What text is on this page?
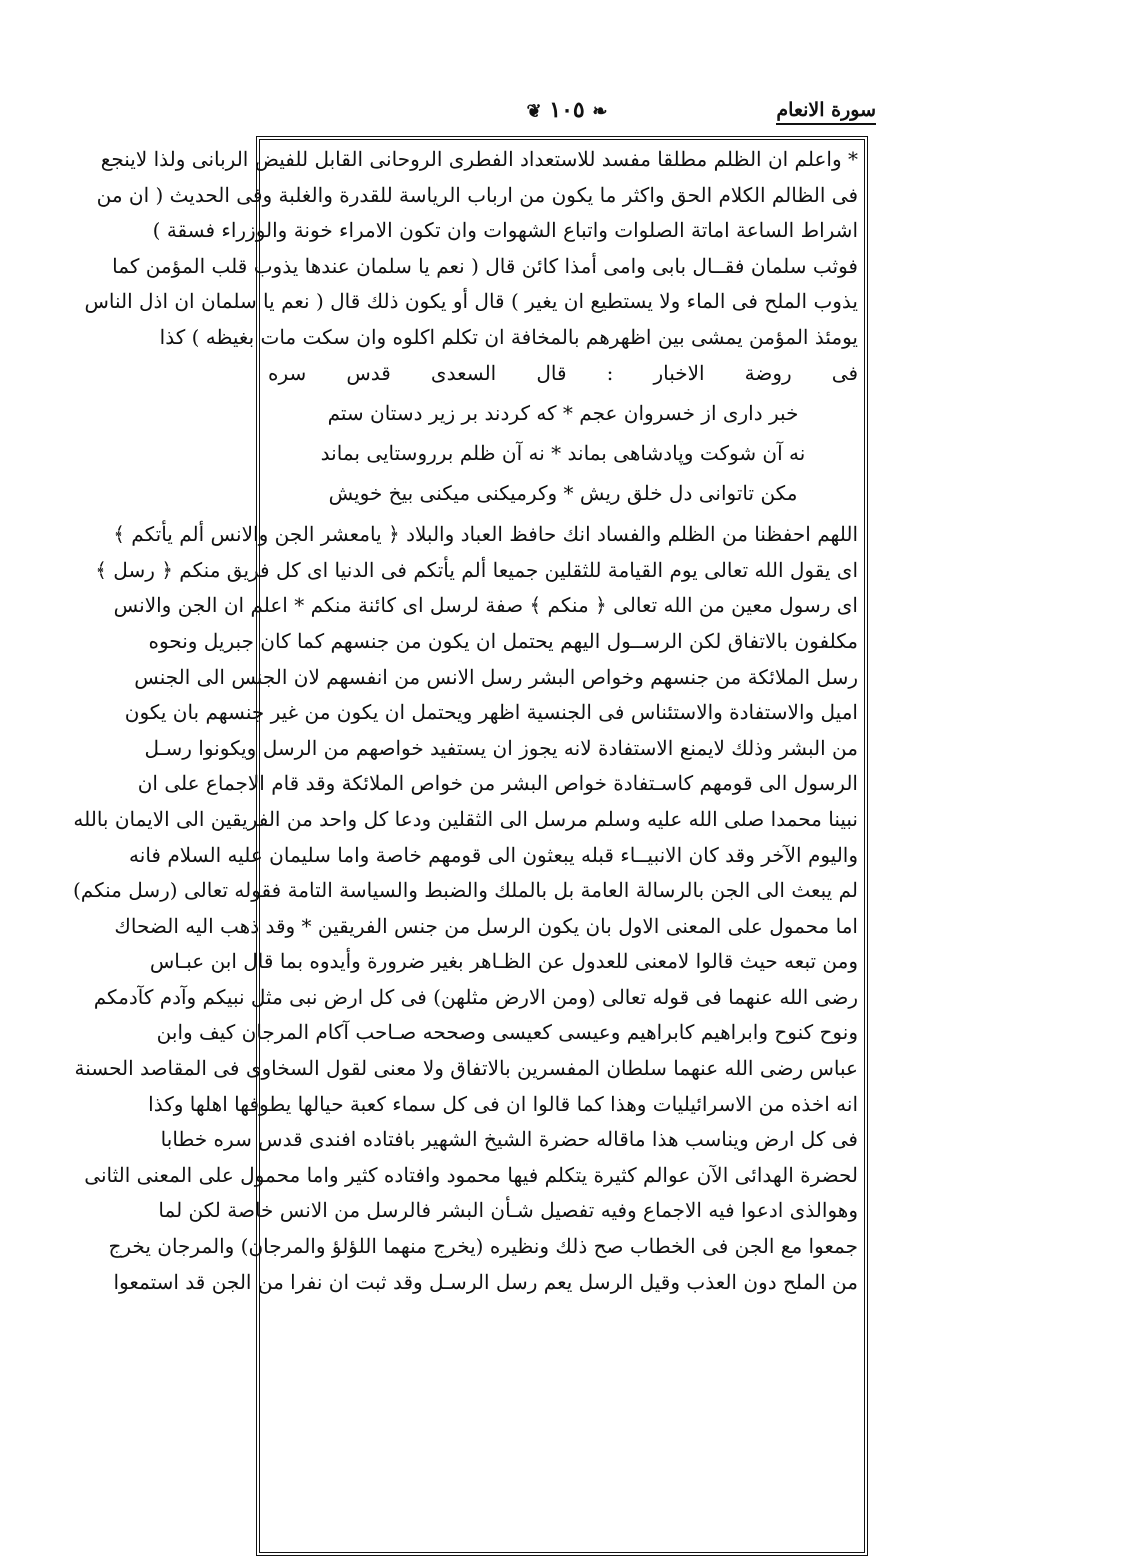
سورة الانعام
❦ ١٠٥ ❧
* واعلم ان الظلم مطلقا مفسد للاستعداد الفطرى الروحانى القابل للفيض الربانى ولذا لاينجع
فى الظالم الكلام الحق واكثر ما يكون من ارباب الرياسة للقدرة والغلبة وفى الحديث ( ان من
اشراط الساعة اماتة الصلوات واتباع الشهوات وان تكون الامراء خونة والوزراء فسقة )
فوثب سلمان فقــال بابى وامى أمذا كائن قال ( نعم يا سلمان عندها يذوب قلب المؤمن كما
يذوب الملح فى الماء ولا يستطيع ان يغير ) قال أو يكون ذلك قال ( نعم يا سلمان ان اذل الناس
يومئذ المؤمن يمشى بين اظهرهم بالمخافة ان تكلم اكلوه وان سكت مات بغيظه ) كذا
فى روضة الاخبار : قال السعدى قدس سره
خبر دارى از خسروان عجم * كه كردند بر زير دستان ستم
نه آن شوكت وپادشاهى بماند * نه آن ظلم برروستايى بماند
مكن تاتوانى دل خلق ريش * وكرميكنى ميكنى بيخ خويش
اللهم احفظنا من الظلم والفساد انك حافظ العباد والبلاد ﴿ يامعشر الجن والانس ألم يأتكم ﴾
اى يقول الله تعالى يوم القيامة للثقلين جميعا ألم يأتكم فى الدنيا اى كل فريق منكم ﴿ رسل ﴾
اى رسول معين من الله تعالى ﴿ منكم ﴾ صفة لرسل اى كائنة منكم * اعلم ان الجن والانس
مكلفون بالاتفاق لكن الرســول اليهم يحتمل ان يكون من جنسهم كما كان جبريل ونحوه
رسل الملائكة من جنسهم وخواص البشر رسل الانس من انفسهم لان الجنس الى الجنس
اميل والاستفادة والاستئناس فى الجنسية اظهر ويحتمل ان يكون من غير جنسهم بان يكون
من البشر وذلك لايمنع الاستفادة لانه يجوز ان يستفيد خواصهم من الرسل ويكونوا رسـل
الرسول الى قومهم كاسـتفادة خواص البشر من خواص الملائكة وقد قام الاجماع على ان
نبينا محمدا صلى الله عليه وسلم مرسل الى الثقلين ودعا كل واحد من الفريقين الى الايمان بالله
واليوم الآخر وقد كان الانبيــاء قبله يبعثون الى قومهم خاصة واما سليمان عليه السلام فانه
لم يبعث الى الجن بالرسالة العامة بل بالملك والضبط والسياسة التامة فقوله تعالى (رسل منكم)
اما محمول على المعنى الاول بان يكون الرسل من جنس الفريقين * وقد ذهب اليه الضحاك
ومن تبعه حيث قالوا لامعنى للعدول عن الظـاهر بغير ضرورة وأيدوه بما قال ابن عبـاس
رضى الله عنهما فى قوله تعالى (ومن الارض مثلهن) فى كل ارض نبى مثل نبيكم وآدم كآدمكم
ونوح كنوح وابراهيم كابراهيم وعيسى كعيسى وصححه صـاحب آكام المرجان كيف وابن
عباس رضى الله عنهما سلطان المفسرين بالاتفاق ولا معنى لقول السخاوى فى المقاصد الحسنة
انه اخذه من الاسرائيليات وهذا كما قالوا ان فى كل سماء كعبة حيالها يطوفها اهلها وكذا
فى كل ارض ويناسب هذا ماقاله حضرة الشيخ الشهير بافتاده افندى قدس سره خطابا
لحضرة الهدائى الآن عوالم كثيرة يتكلم فيها محمود وافتاده كثير واما محمول على المعنى الثانى
وهوالذى ادعوا فيه الاجماع وفيه تفصيل شـأن البشر فالرسل من الانس خاصة لكن لما
جمعوا مع الجن فى الخطاب صح ذلك ونظيره (يخرج منهما اللؤلؤ والمرجان) والمرجان يخرج
من الملح دون العذب وقيل الرسل يعم رسل الرسـل وقد ثبت ان نفرا من الجن قد استمعوا
